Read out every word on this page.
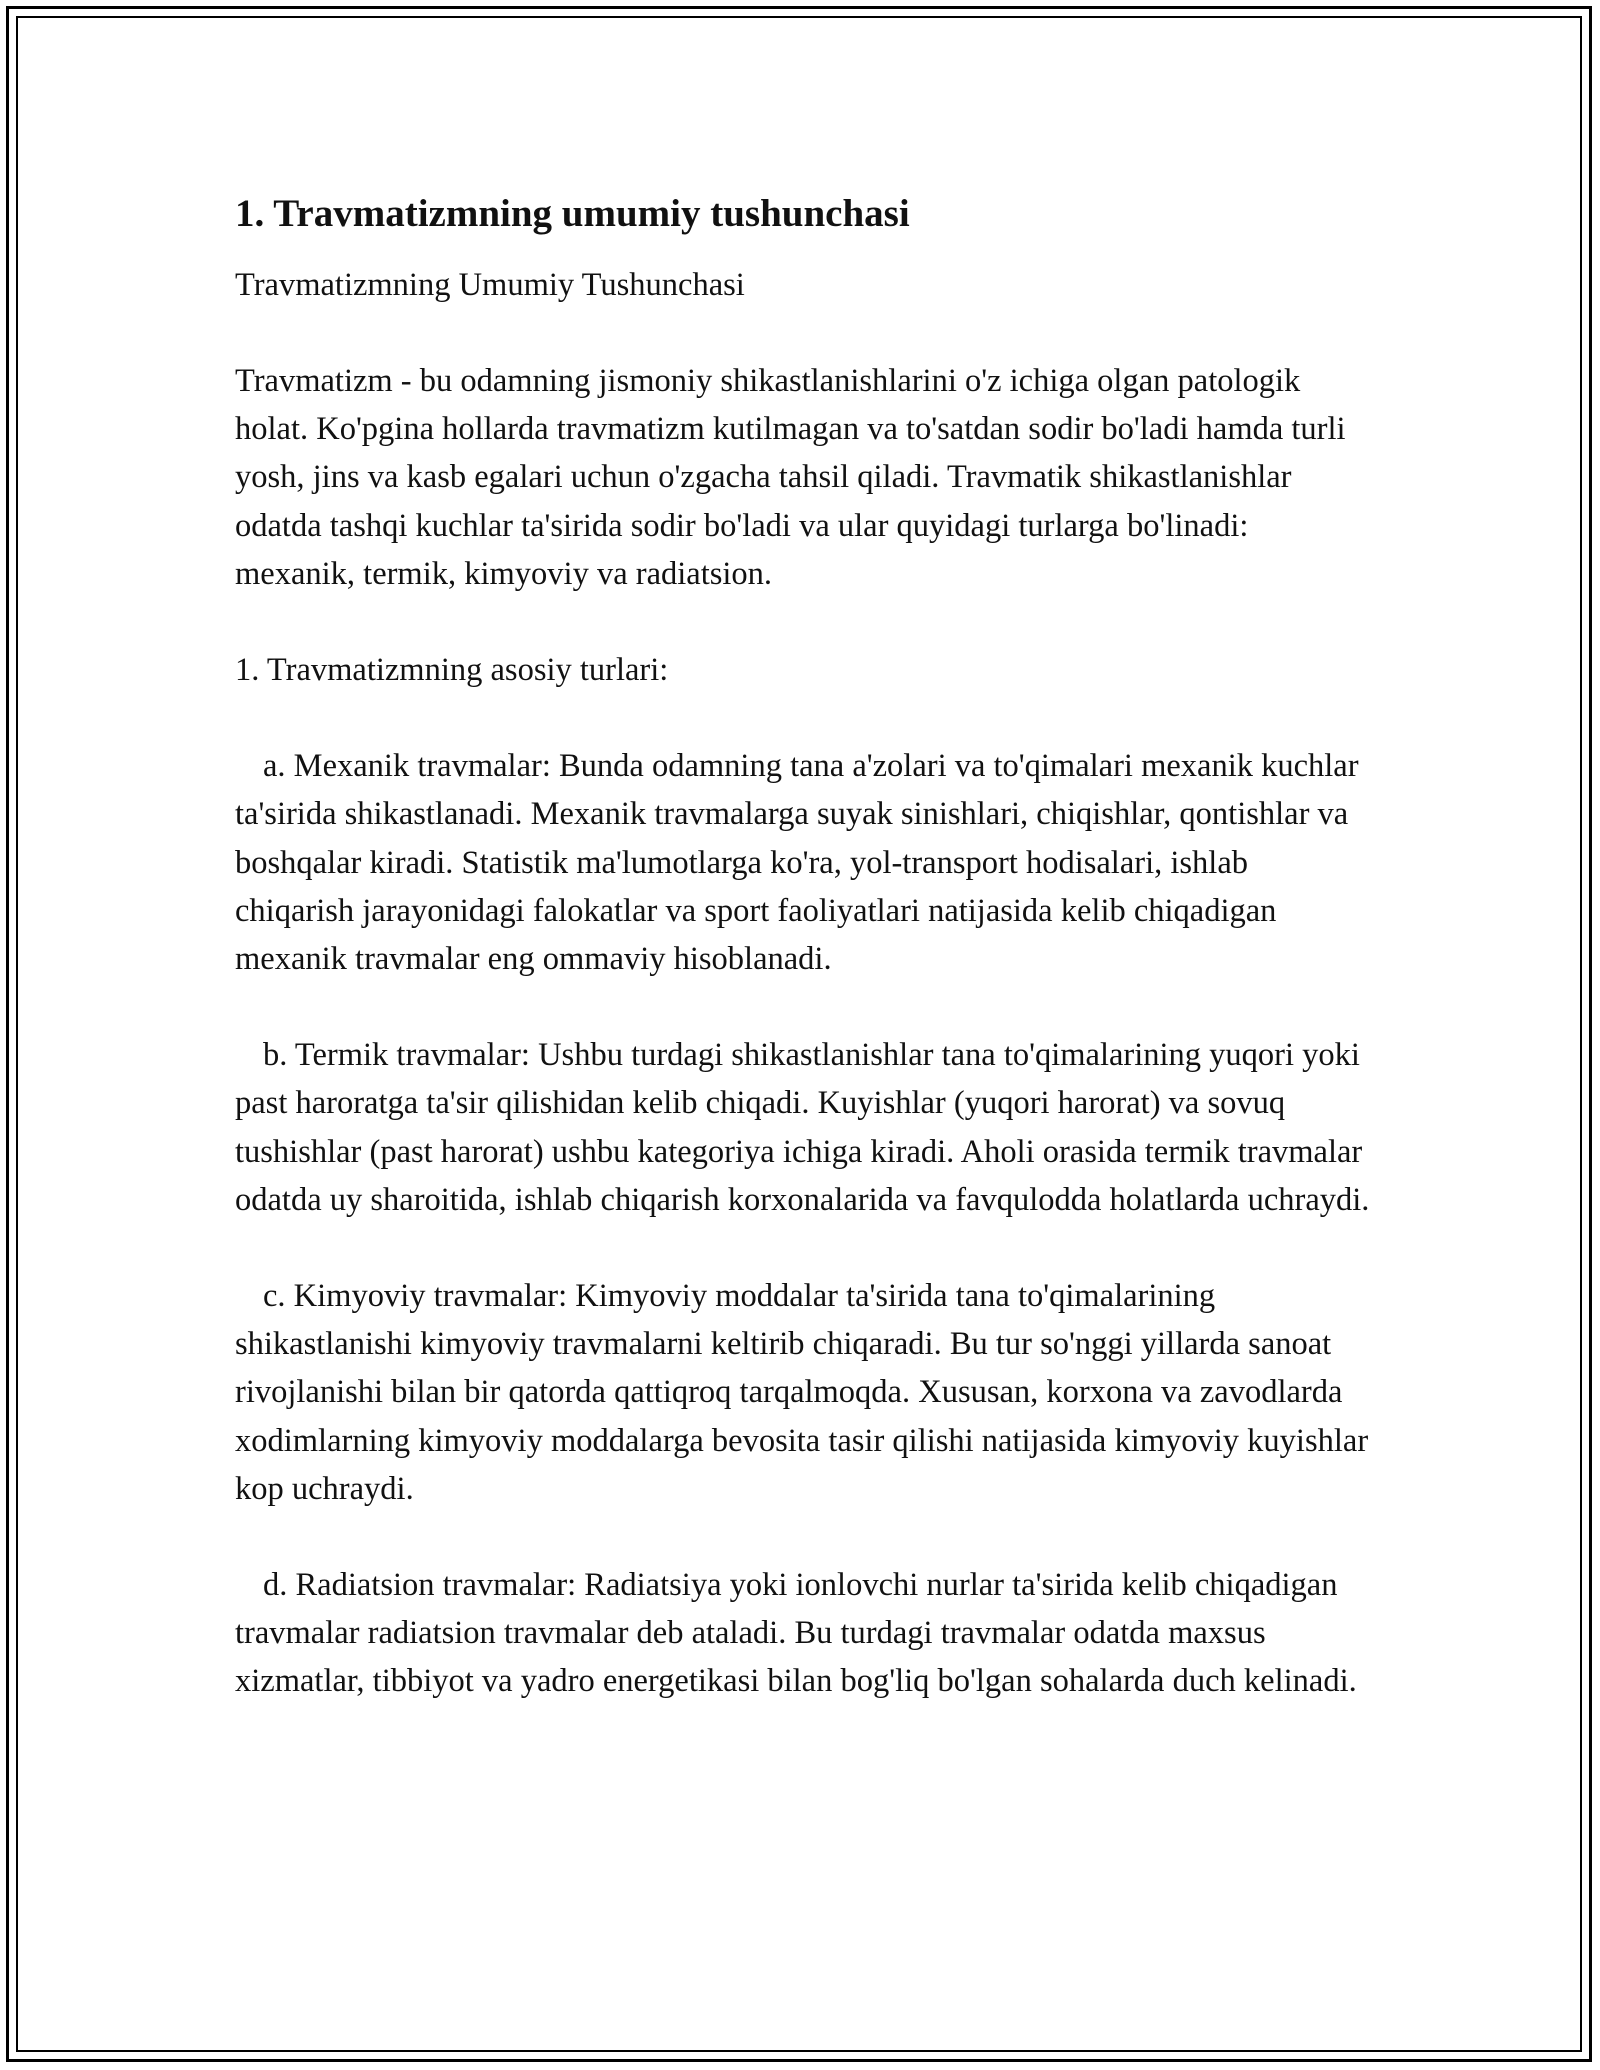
1. Travmatizmning umumiy tushunchasi

Travmatizmning Umumiy Tushunchasi

Travmatizm - bu odamning jismoniy shikastlanishlarini o'z ichiga olgan patologik holat. Ko'pgina hollarda travmatizm kutilmagan va to'satdan sodir bo'ladi hamda turli yosh, jins va kasb egalari uchun o'zgacha tahsil qiladi. Travmatik shikastlanishlar odatda tashqi kuchlar ta'sirida sodir bo'ladi va ular quyidagi turlarga bo'linadi: mexanik, termik, kimyoviy va radiatsion.

1. Travmatizmning asosiy turlari:

a. Mexanik travmalar: Bunda odamning tana a'zolari va to'qimalari mexanik kuchlar ta'sirida shikastlanadi. Mexanik travmalarga suyak sinishlari, chiqishlar, qontishlar va boshqalar kiradi. Statistik ma'lumotlarga ko'ra, yol-transport hodisalari, ishlab chiqarish jarayonidagi falokatlar va sport faoliyatlari natijasida kelib chiqadigan mexanik travmalar eng ommaviy hisoblanadi.

b. Termik travmalar: Ushbu turdagi shikastlanishlar tana to'qimalarining yuqori yoki past haroratga ta'sir qilishidan kelib chiqadi. Kuyishlar (yuqori harorat) va sovuq tushishlar (past harorat) ushbu kategoriya ichiga kiradi. Aholi orasida termik travmalar odatda uy sharoitida, ishlab chiqarish korxonalarida va favqulodda holatlarda uchraydi.

c. Kimyoviy travmalar: Kimyoviy moddalar ta'sirida tana to'qimalarining shikastlanishi kimyoviy travmalarni keltirib chiqaradi. Bu tur so'nggi yillarda sanoat rivojlanishi bilan bir qatorda qattiqroq tarqalmoqda. Xususan, korxona va zavodlarda xodimlarning kimyoviy moddalarga bevosita tasir qilishi natijasida kimyoviy kuyishlar kop uchraydi.

d. Radiatsion travmalar: Radiatsiya yoki ionlovchi nurlar ta'sirida kelib chiqadigan travmalar radiatsion travmalar deb ataladi. Bu turdagi travmalar odatda maxsus xizmatlar, tibbiyot va yadro energetikasi bilan bog'liq bo'lgan sohalarda duch kelinadi.
